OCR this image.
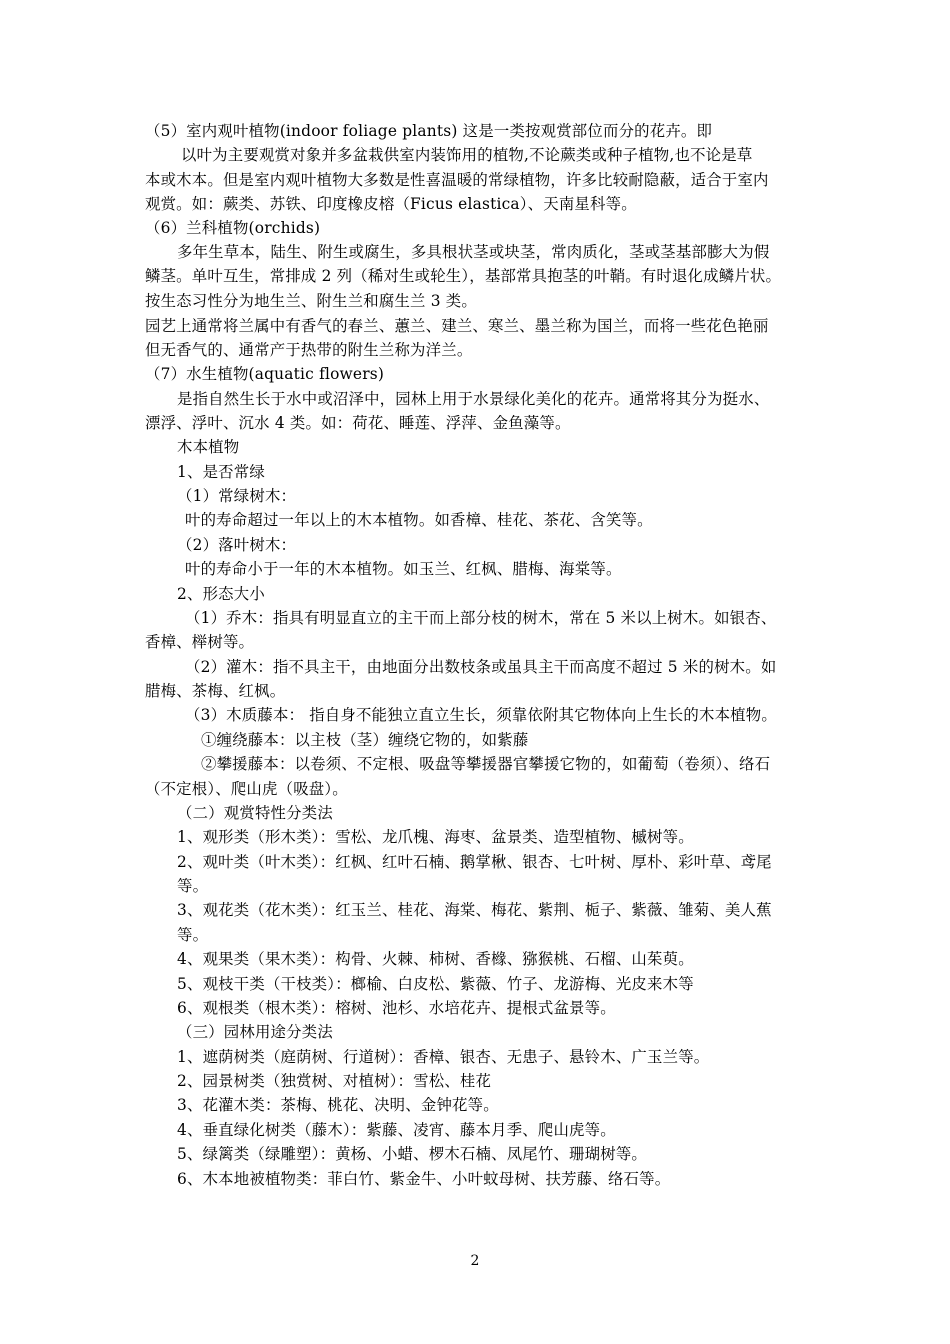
（5）室内观叶植物(indoor foliage plants) 这是一类按观赏部位而分的花卉。即
以叶为主要观赏对象并多盆栽供室内装饰用的植物,不论蕨类或种子植物,也不论是草
本或木本。但是室内观叶植物大多数是性喜温暖的常绿植物，许多比较耐隐蔽，适合于室内
观赏。如：蕨类、苏铁、印度橡皮榕（Ficus elastica）、天南星科等。
（6）兰科植物(orchids)
多年生草本，陆生、附生或腐生，多具根状茎或块茎，常肉质化，茎或茎基部膨大为假
鳞茎。单叶互生，常排成 2 列（稀对生或轮生），基部常具抱茎的叶鞘。有时退化成鳞片状。
按生态习性分为地生兰、附生兰和腐生兰 3 类。
园艺上通常将兰属中有香气的春兰、蕙兰、建兰、寒兰、墨兰称为国兰，而将一些花色艳丽
但无香气的、通常产于热带的附生兰称为洋兰。
（7）水生植物(aquatic flowers)
是指自然生长于水中或沼泽中，园林上用于水景绿化美化的花卉。通常将其分为挺水、
漂浮、浮叶、沉水 4 类。如：荷花、睡莲、浮萍、金鱼藻等。
木本植物
1、是否常绿
（1）常绿树木：
叶的寿命超过一年以上的木本植物。如香樟、桂花、茶花、含笑等。
（2）落叶树木：
叶的寿命小于一年的木本植物。如玉兰、红枫、腊梅、海棠等。
2、形态大小
（1）乔木：指具有明显直立的主干而上部分枝的树木，常在 5 米以上树木。如银杏、
香樟、榉树等。
（2）灌木：指不具主干，由地面分出数枝条或虽具主干而高度不超过 5 米的树木。如
腊梅、茶梅、红枫。
（3）木质藤本： 指自身不能独立直立生长，须靠依附其它物体向上生长的木本植物。
①缠绕藤本：以主枝（茎）缠绕它物的，如紫藤
②攀援藤本：以卷须、不定根、吸盘等攀援器官攀援它物的，如葡萄（卷须）、络石
（不定根）、爬山虎（吸盘）。
（二）观赏特性分类法
1、观形类（形木类）：雪松、龙爪槐、海枣、盆景类、造型植物、槭树等。
2、观叶类（叶木类）：红枫、红叶石楠、鹅掌楸、银杏、七叶树、厚朴、彩叶草、鸢尾
等。
3、观花类（花木类）：红玉兰、桂花、海棠、梅花、紫荆、栀子、紫薇、雏菊、美人蕉
等。
4、观果类（果木类）：构骨、火棘、柿树、香橼、猕猴桃、石榴、山茱萸。
5、观枝干类（干枝类）：榔榆、白皮松、紫薇、竹子、龙游梅、光皮来木等
6、观根类（根木类）：榕树、池杉、水培花卉、提根式盆景等。
（三）园林用途分类法
1、遮荫树类（庭荫树、行道树）：香樟、银杏、无患子、悬铃木、广玉兰等。
2、园景树类（独赏树、对植树）：雪松、桂花
3、花灌木类：茶梅、桃花、决明、金钟花等。
4、垂直绿化树类（藤木）：紫藤、凌宵、藤本月季、爬山虎等。
5、绿篱类（绿雕塑）：黄杨、小蜡、椤木石楠、凤尾竹、珊瑚树等。
6、木本地被植物类：菲白竹、紫金牛、小叶蚊母树、扶芳藤、络石等。
2
